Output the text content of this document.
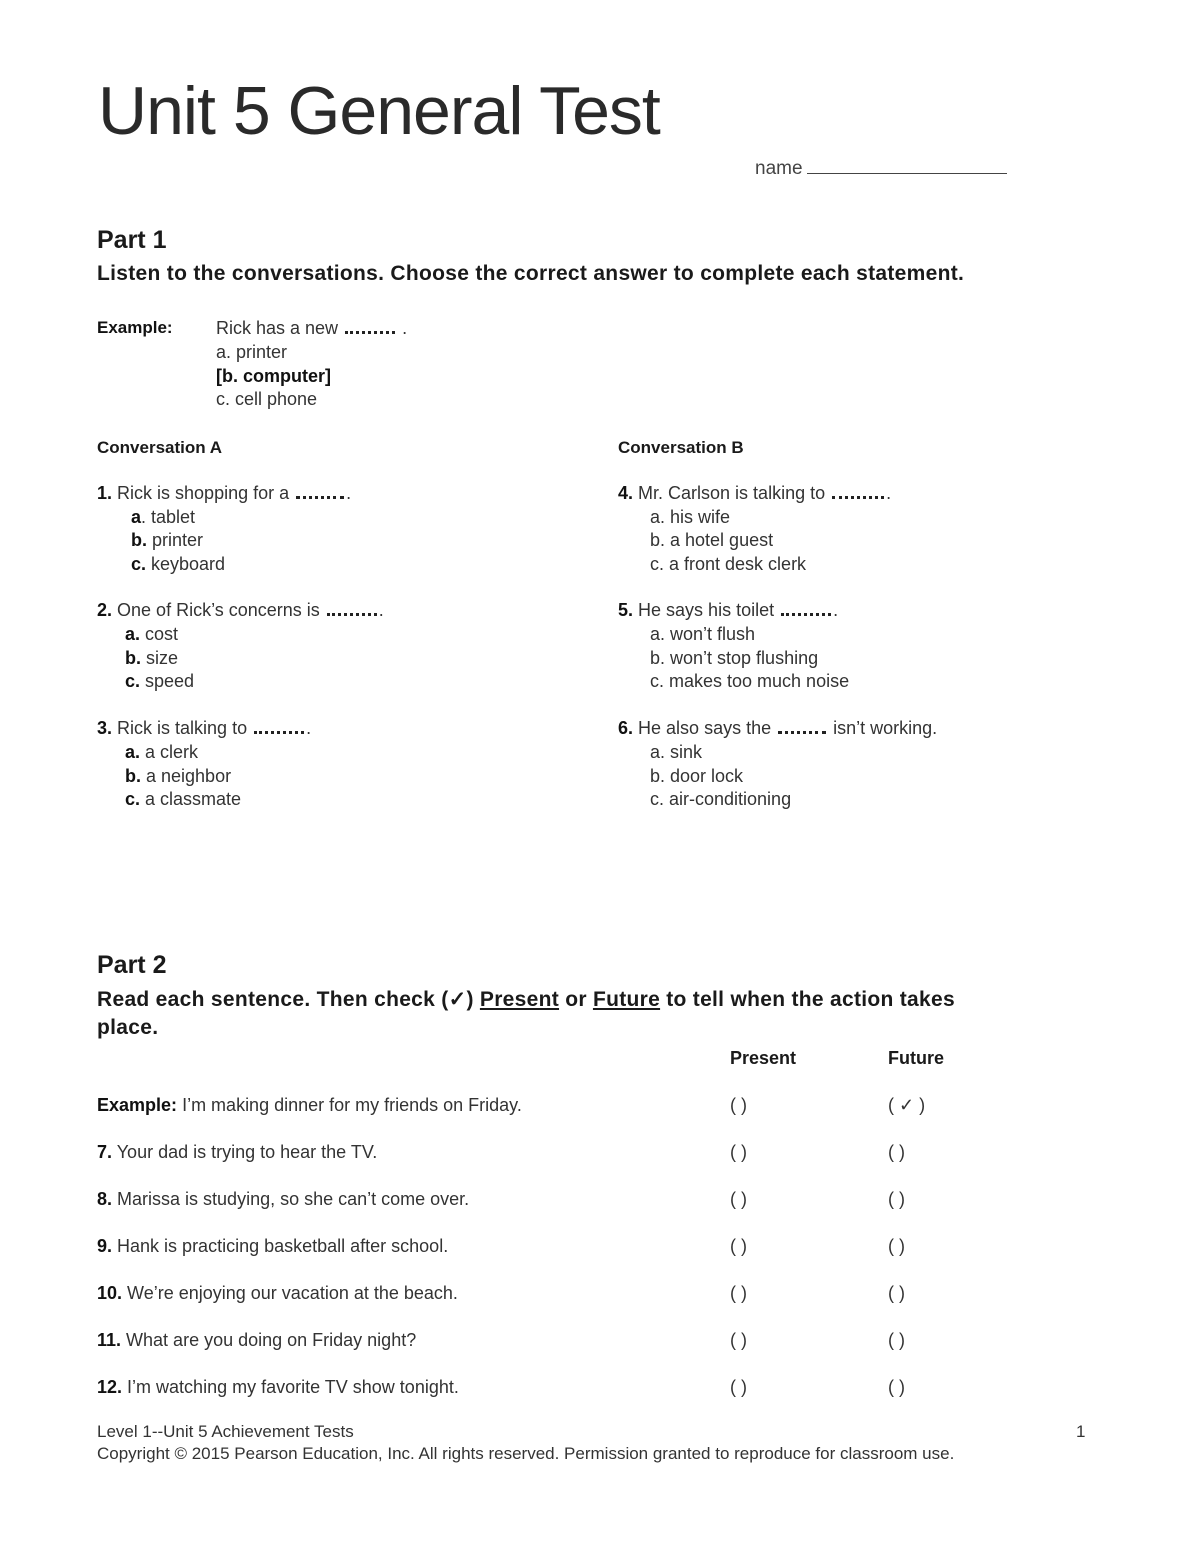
Unit 5 General Test
name
Part 1
Listen to the conversations. Choose the correct answer to complete each statement.
Example: Rick has a new	.
a. printer
[b. computer]
c. cell phone
Conversation A
1. Rick is shopping for a	.
a. tablet
b. printer
c. keyboard
2. One of Rick’s concerns is	.
a. cost
b. size
c. speed
3. Rick is talking to	.
a. a clerk
b. a neighbor
c. a classmate
Conversation B
4. Mr. Carlson is talking to	.
a. his wife
b. a hotel guest
c. a front desk clerk
5. He says his toilet	.
a. won’t flush
b. won’t stop flushing
c. makes too much noise
6. He also says the	isn’t working.
a. sink
b. door lock
c. air-conditioning
Part 2
Read each sentence. Then check (✓) Present or Future to tell when the action takes
place.
Present	Future
Example: I’m making dinner for my friends on Friday.	( )	( ✓ )
7. Your dad is trying to hear the TV.	( )	( )
8. Marissa is studying, so she can’t come over.	( )	( )
9. Hank is practicing basketball after school.	( )	( )
10. We’re enjoying our vacation at the beach.	( )	( )
11. What are you doing on Friday night?	( )	( )
12. I’m watching my favorite TV show tonight.	( )	( )
Level 1--Unit 5 Achievement Tests	1
Copyright © 2015 Pearson Education, Inc. All rights reserved. Permission granted to reproduce for classroom use.
